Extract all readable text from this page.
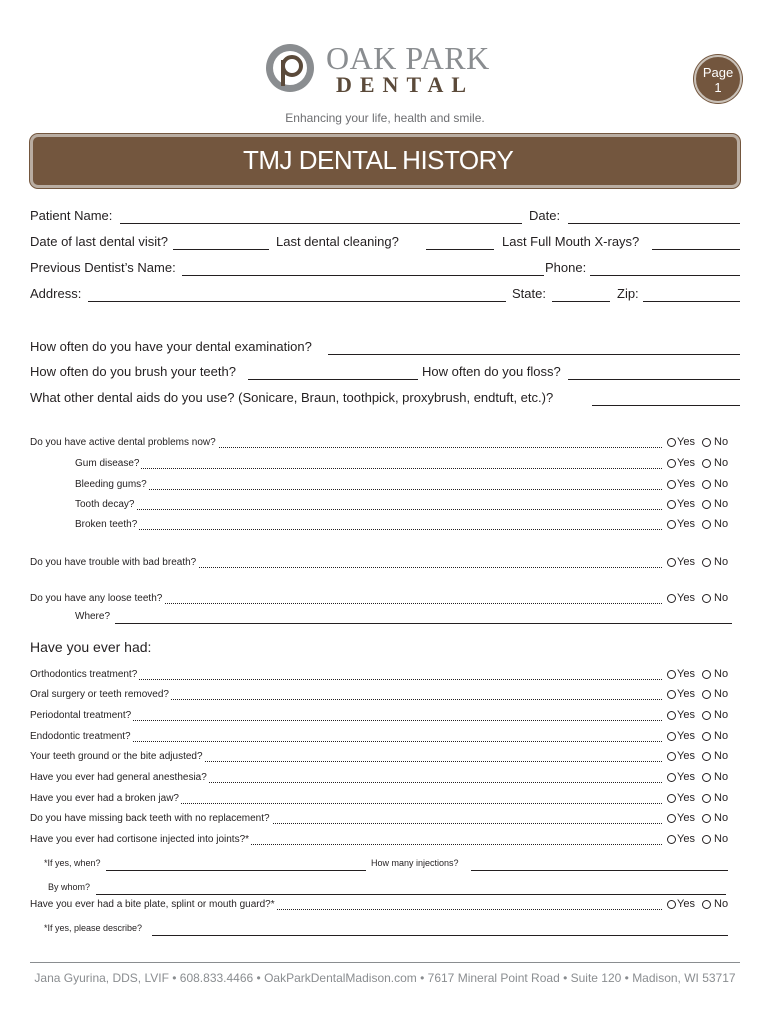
OAK PARK
DENTAL	Page 1
Enhancing your life, health and smile.
TMJ DENTAL HISTORY
Patient Name:	Date:
Date of last dental visit?	Last dental cleaning?	Last Full Mouth X-rays?
Previous Dentist’s Name:	Phone:
Address:	State:	Zip:
How often do you have your dental examination?
How often do you brush your teeth?	How often do you floss?
What other dental aids do you use? (Sonicare, Braun, toothpick, proxybrush, endtuft, etc.)?
Do you have active dental problems now?	Yes No
Gum disease?	Yes No
Bleeding gums?	Yes No
Tooth decay?	Yes No
Broken teeth?	Yes No
Do you have trouble with bad breath?	Yes No
Do you have any loose teeth?	Yes No
Where?
Have you ever had:
Orthodontics treatment?	Yes No
Oral surgery or teeth removed?	Yes No
Periodontal treatment?	Yes No
Endodontic treatment?	Yes No
Your teeth ground or the bite adjusted?	Yes No
Have you ever had general anesthesia?	Yes No
Have you ever had a broken jaw?	Yes No
Do you have missing back teeth with no replacement?	Yes No
Have you ever had cortisone injected into joints?*	Yes No
*If yes, when?	How many injections?
By whom?
Have you ever had a bite plate, splint or mouth guard?*	Yes No
*If yes, please describe?
Jana Gyurina, DDS, LVIF • 608.833.4466 • OakParkDentalMadison.com • 7617 Mineral Point Road • Suite 120 • Madison, WI 53717
